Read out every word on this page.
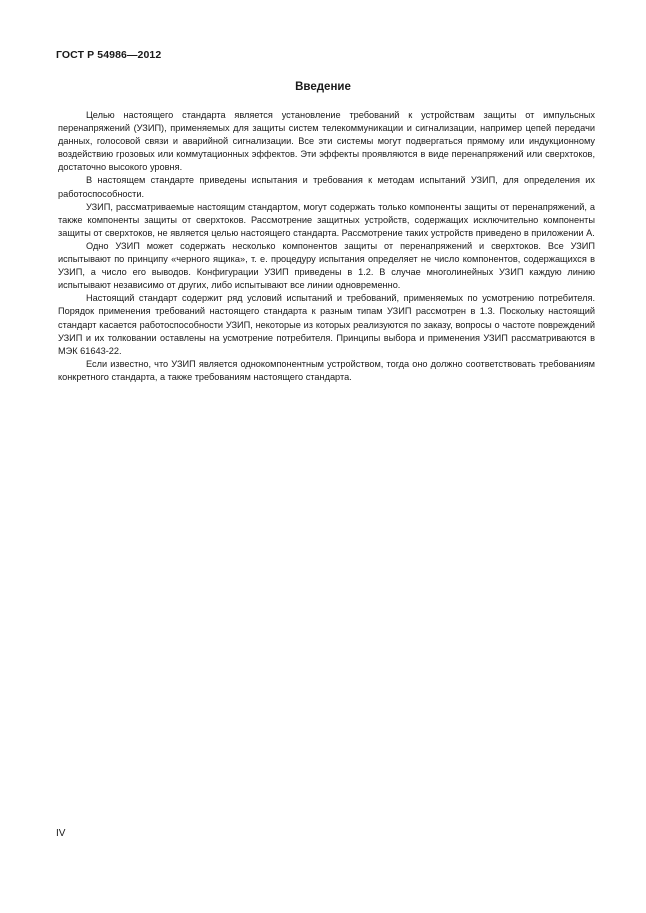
ГОСТ Р 54986—2012
Введение

Целью настоящего стандарта является установление требований к устройствам защиты от импульсных перенапряжений (УЗИП), применяемых для защиты систем телекоммуникации и сигнализации, например цепей передачи данных, голосовой связи и аварийной сигнализации. Все эти системы могут подвергаться прямому или индукционному воздействию грозовых или коммутационных эффектов. Эти эффекты проявляются в виде перенапряжений или сверхтоков, достаточно высокого уровня.

В настоящем стандарте приведены испытания и требования к методам испытаний УЗИП, для определения их работоспособности.

УЗИП, рассматриваемые настоящим стандартом, могут содержать только компоненты защиты от перенапряжений, а также компоненты защиты от сверхтоков. Рассмотрение защитных устройств, содержащих исключительно компоненты защиты от сверхтоков, не является целью настоящего стандарта. Рассмотрение таких устройств приведено в приложении А.

Одно УЗИП может содержать несколько компонентов защиты от перенапряжений и сверхтоков. Все УЗИП испытывают по принципу «черного ящика», т. е. процедуру испытания определяет не число компонентов, содержащихся в УЗИП, а число его выводов. Конфигурации УЗИП приведены в 1.2. В случае многолинейных УЗИП каждую линию испытывают независимо от других, либо испытывают все линии одновременно.

Настоящий стандарт содержит ряд условий испытаний и требований, применяемых по усмотрению потребителя. Порядок применения требований настоящего стандарта к разным типам УЗИП рассмотрен в 1.3. Поскольку настоящий стандарт касается работоспособности УЗИП, некоторые из которых реализуются по заказу, вопросы о частоте повреждений УЗИП и их толковании оставлены на усмотрение потребителя. Принципы выбора и применения УЗИП рассматриваются в МЭК 61643-22.

Если известно, что УЗИП является однокомпонентным устройством, тогда оно должно соответствовать требованиям конкретного стандарта, а также требованиям настоящего стандарта.

IV
